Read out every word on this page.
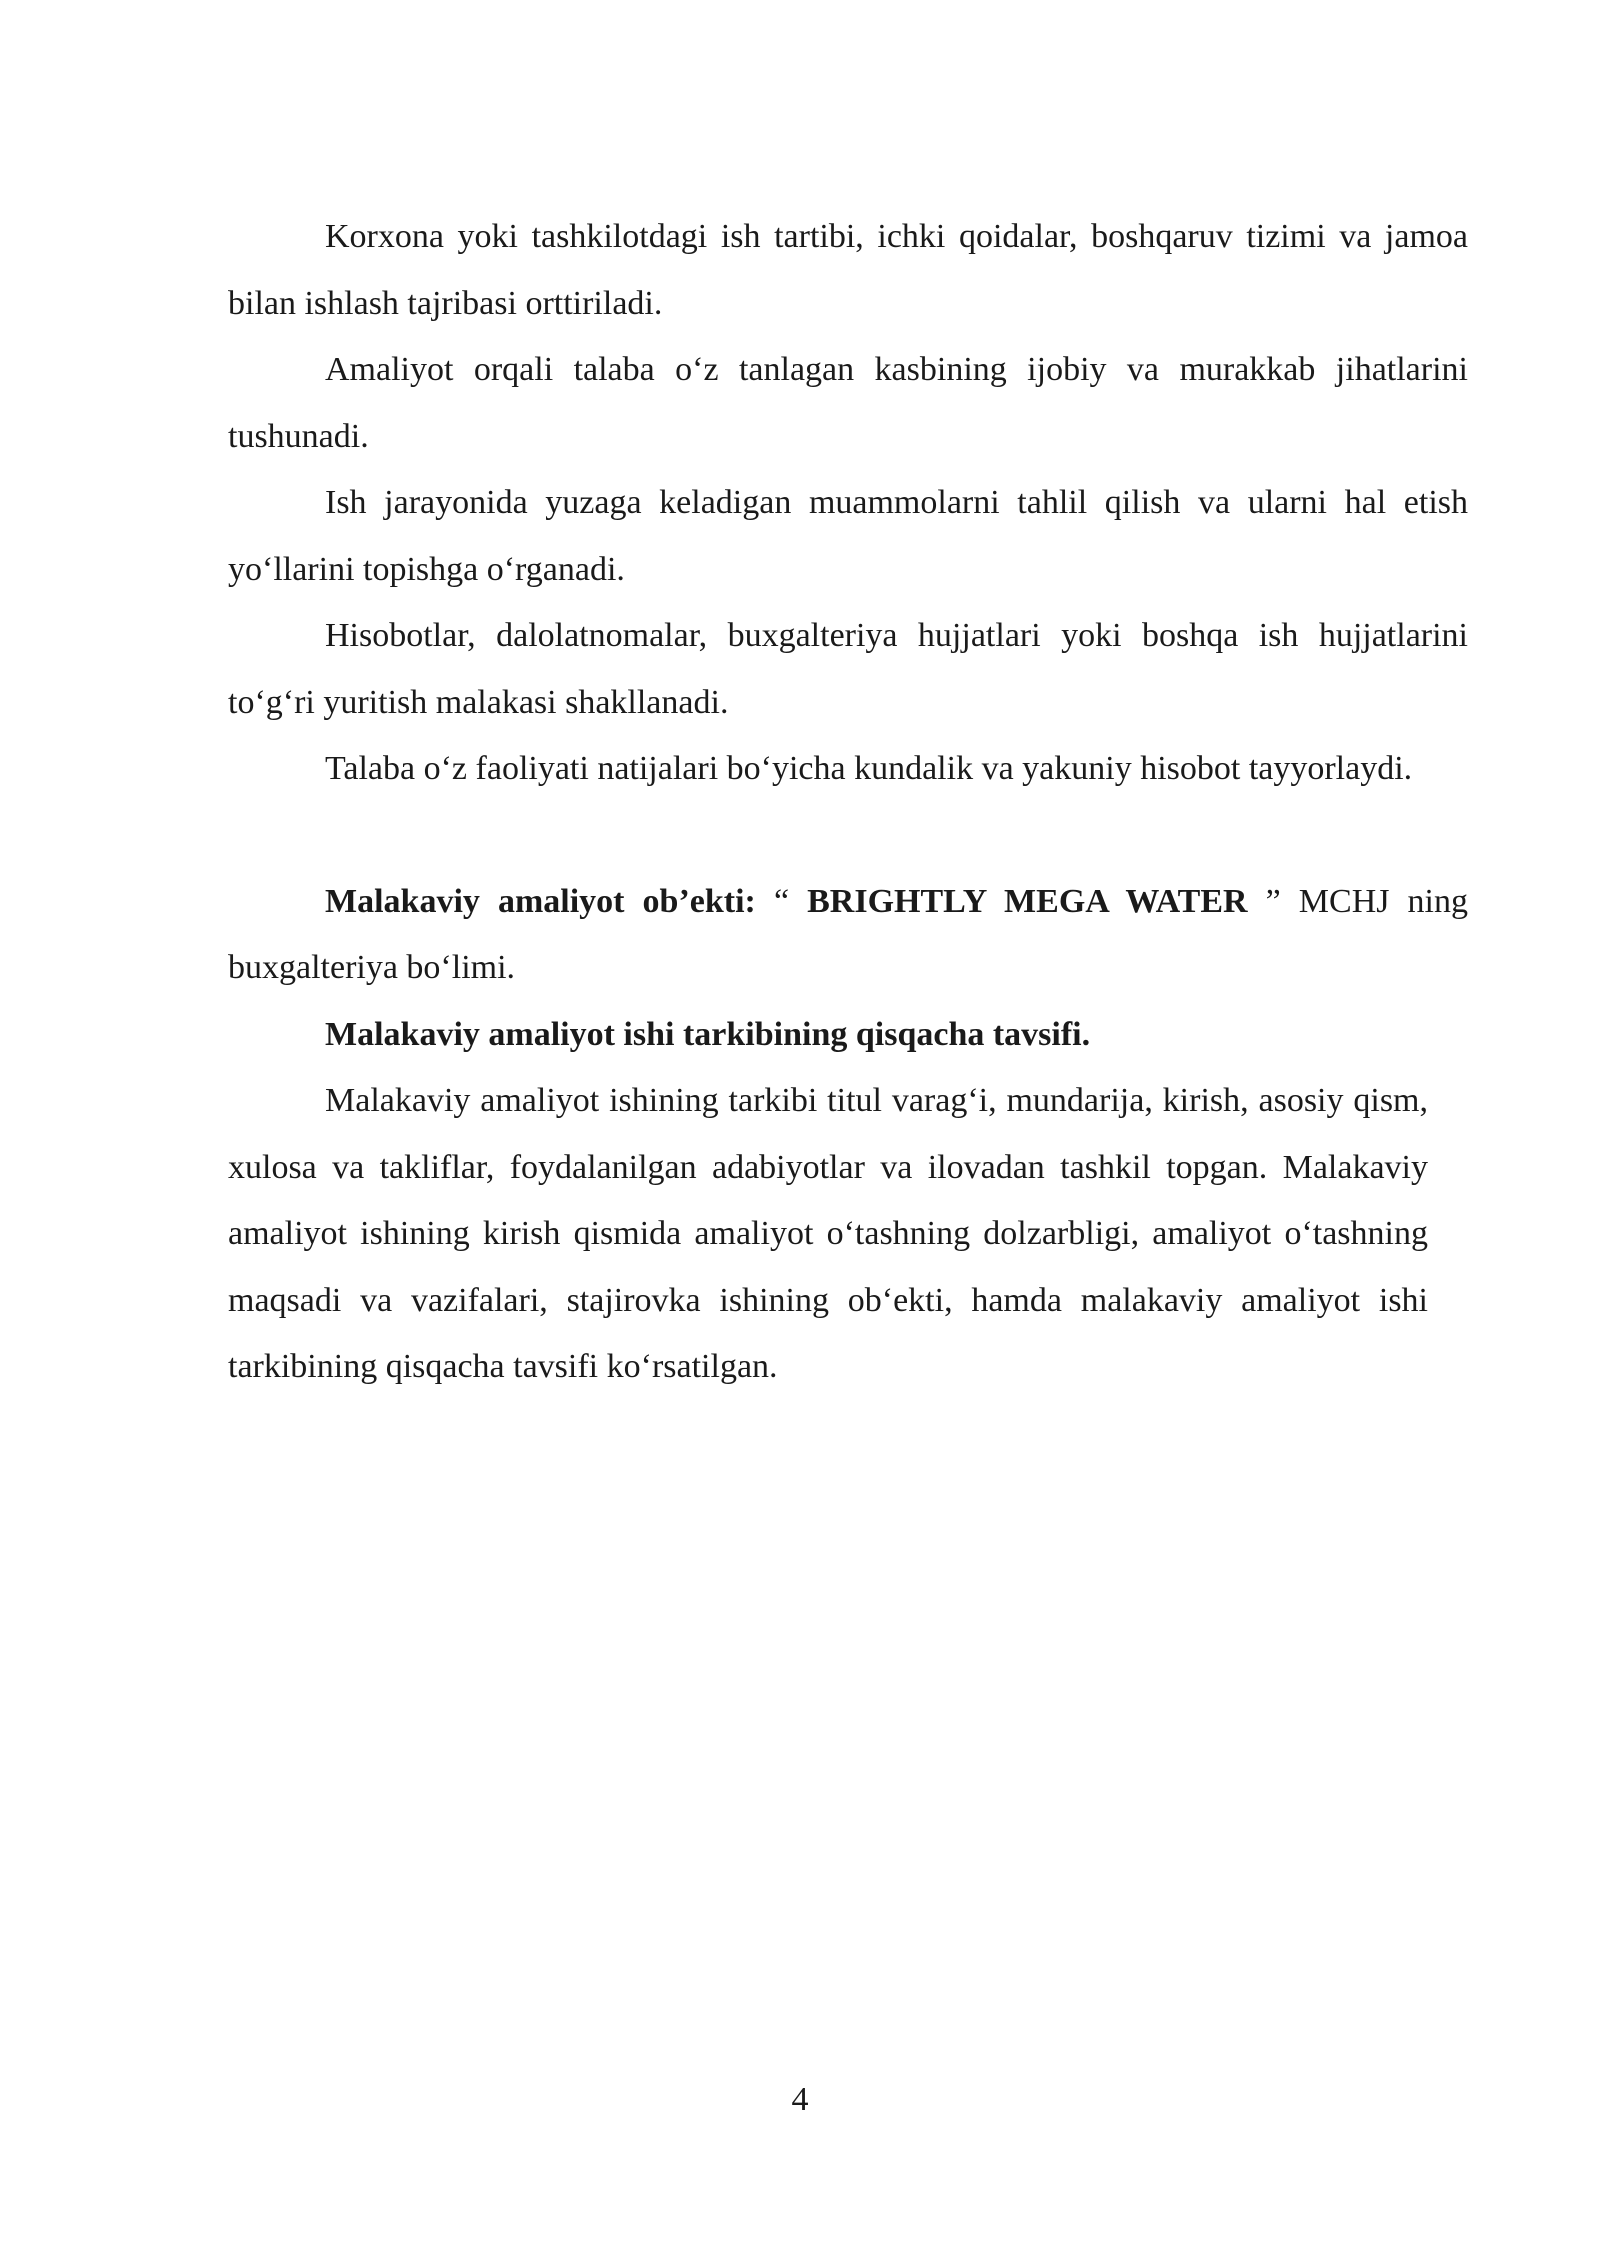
Korxona yoki tashkilotdagi ish tartibi, ichki qoidalar, boshqaruv tizimi va jamoa bilan ishlash tajribasi orttiriladi.

Amaliyot orqali talaba o‘z tanlagan kasbining ijobiy va murakkab jihatlarini tushunadi.

Ish jarayonida yuzaga keladigan muammolarni tahlil qilish va ularni hal etish yo‘llarini topishga o‘rganadi.

Hisobotlar, dalolatnomalar, buxgalteriya hujjatlari yoki boshqa ish hujjatlarini to‘g‘ri yuritish malakasi shakllanadi.

Talaba o‘z faoliyati natijalari bo‘yicha kundalik va yakuniy hisobot tayyorlaydi.

Malakaviy amaliyot ob’ekti: “ BRIGHTLY MEGA WATER ” MCHJ ning buxgalteriya bo‘limi.

Malakaviy amaliyot ishi tarkibining qisqacha tavsifi.

Malakaviy amaliyot ishining tarkibi titul varag‘i, mundarija, kirish, asosiy qism, xulosa va takliflar, foydalanilgan adabiyotlar va ilovadan tashkil topgan. Malakaviy amaliyot ishining kirish qismida amaliyot o‘tashning dolzarbligi, amaliyot o‘tashning maqsadi va vazifalari, stajirovka ishining ob‘ekti, hamda malakaviy amaliyot ishi tarkibining qisqacha tavsifi ko‘rsatilgan.

4
